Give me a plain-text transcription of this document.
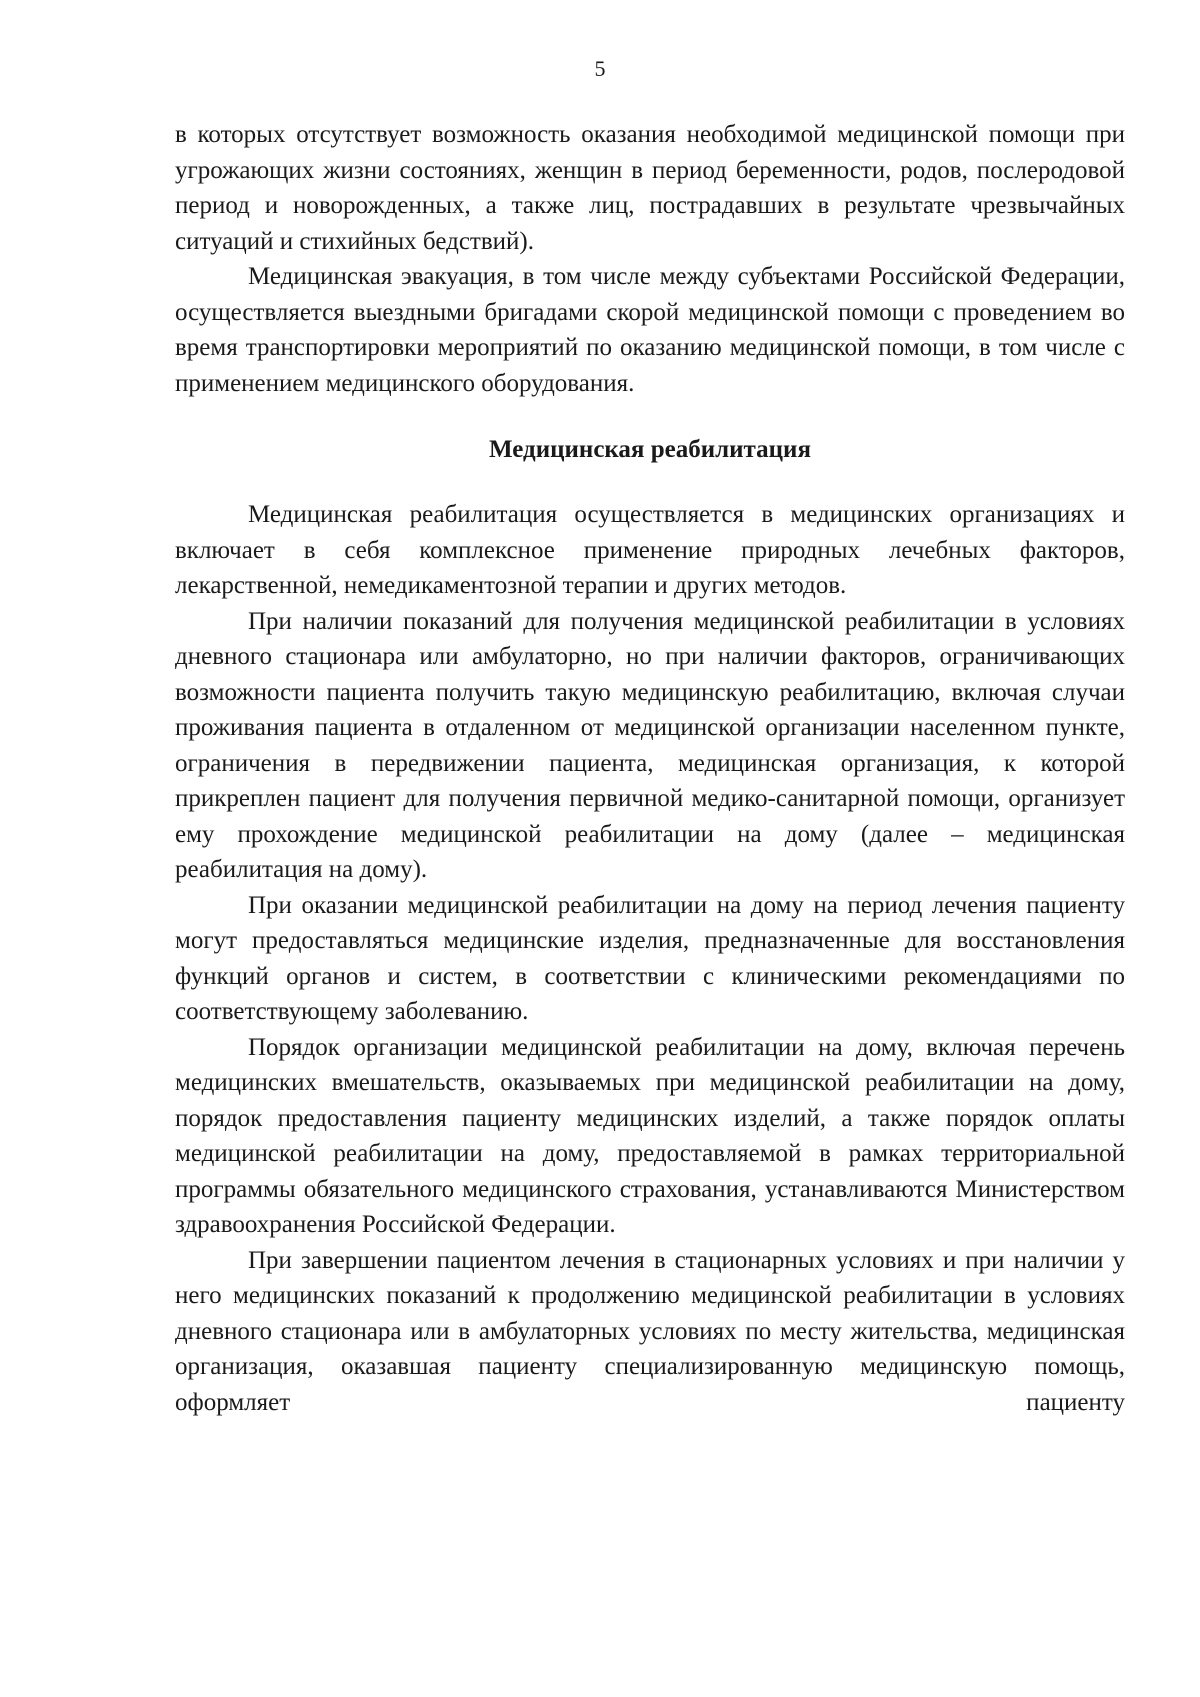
5

в которых отсутствует возможность оказания необходимой медицинской помощи при угрожающих жизни состояниях, женщин в период беременности, родов, послеродовой период и новорожденных, а также лиц, пострадавших в результате чрезвычайных ситуаций и стихийных бедствий).

Медицинская эвакуация, в том числе между субъектами Российской Федерации, осуществляется выездными бригадами скорой медицинской помощи с проведением во время транспортировки мероприятий по оказанию медицинской помощи, в том числе с применением медицинского оборудования.

Медицинская реабилитация

Медицинская реабилитация осуществляется в медицинских организациях и включает в себя комплексное применение природных лечебных факторов, лекарственной, немедикаментозной терапии и других методов.

При наличии показаний для получения медицинской реабилитации в условиях дневного стационара или амбулаторно, но при наличии факторов, ограничивающих возможности пациента получить такую медицинскую реабилитацию, включая случаи проживания пациента в отдаленном от медицинской организации населенном пункте, ограничения в передвижении пациента, медицинская организация, к которой прикреплен пациент для получения первичной медико-санитарной помощи, организует ему прохождение медицинской реабилитации на дому (далее – медицинская реабилитация на дому).

При оказании медицинской реабилитации на дому на период лечения пациенту могут предоставляться медицинские изделия, предназначенные для восстановления функций органов и систем, в соответствии с клиническими рекомендациями по соответствующему заболеванию.

Порядок организации медицинской реабилитации на дому, включая перечень медицинских вмешательств, оказываемых при медицинской реабилитации на дому, порядок предоставления пациенту медицинских изделий, а также порядок оплаты медицинской реабилитации на дому, предоставляемой в рамках территориальной программы обязательного медицинского страхования, устанавливаются Министерством здравоохранения Российской Федерации.

При завершении пациентом лечения в стационарных условиях и при наличии у него медицинских показаний к продолжению медицинской реабилитации в условиях дневного стационара или в амбулаторных условиях по месту жительства, медицинская организация, оказавшая пациенту специализированную медицинскую помощь, оформляет пациенту
